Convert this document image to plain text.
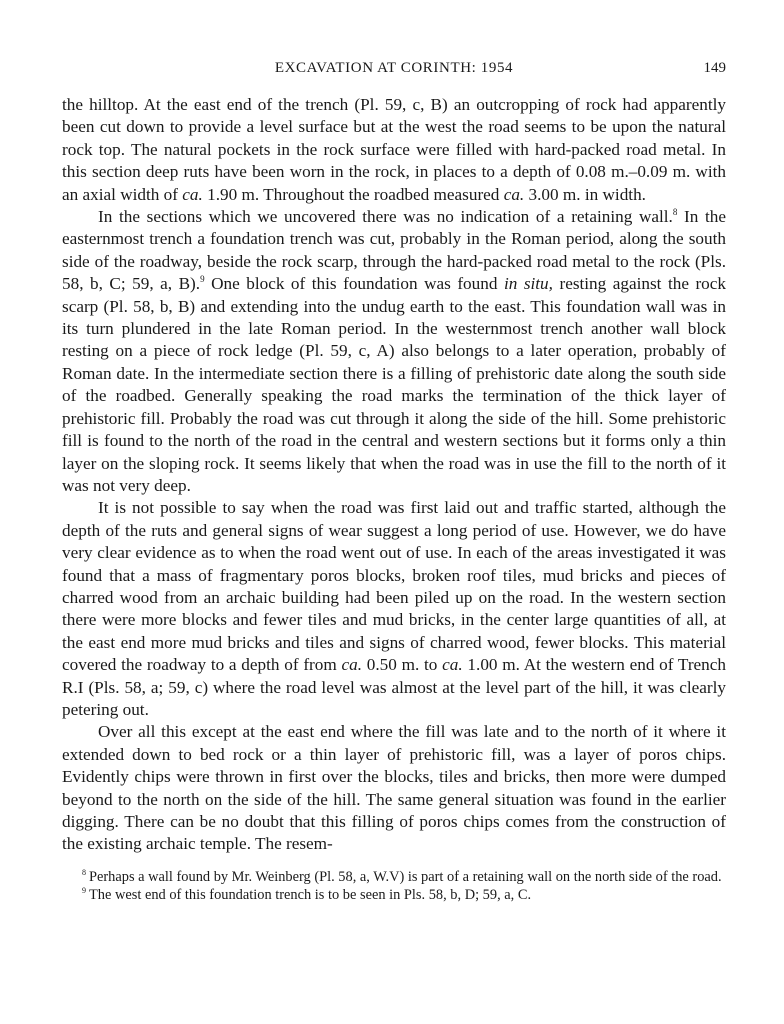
EXCAVATION AT CORINTH: 1954	149

the hilltop. At the east end of the trench (Pl. 59, c, B) an outcropping of rock had apparently been cut down to provide a level surface but at the west the road seems to be upon the natural rock top. The natural pockets in the rock surface were filled with hard-packed road metal. In this section deep ruts have been worn in the rock, in places to a depth of 0.08 m.–0.09 m. with an axial width of ca. 1.90 m. Throughout the roadbed measured ca. 3.00 m. in width.

In the sections which we uncovered there was no indication of a retaining wall.$^8$ In the easternmost trench a foundation trench was cut, probably in the Roman period, along the south side of the roadway, beside the rock scarp, through the hard-packed road metal to the rock (Pls. 58, b, C; 59, a, B).$^9$ One block of this foundation was found in situ, resting against the rock scarp (Pl. 58, b, B) and extending into the undug earth to the east. This foundation wall was in its turn plundered in the late Roman period. In the westernmost trench another wall block resting on a piece of rock ledge (Pl. 59, c, A) also belongs to a later operation, probably of Roman date. In the intermediate section there is a filling of prehistoric date along the south side of the roadbed. Generally speaking the road marks the termination of the thick layer of prehistoric fill. Probably the road was cut through it along the side of the hill. Some prehistoric fill is found to the north of the road in the central and western sections but it forms only a thin layer on the sloping rock. It seems likely that when the road was in use the fill to the north of it was not very deep.

It is not possible to say when the road was first laid out and traffic started, although the depth of the ruts and general signs of wear suggest a long period of use. However, we do have very clear evidence as to when the road went out of use. In each of the areas investigated it was found that a mass of fragmentary poros blocks, broken roof tiles, mud bricks and pieces of charred wood from an archaic building had been piled up on the road. In the western section there were more blocks and fewer tiles and mud bricks, in the center large quantities of all, at the east end more mud bricks and tiles and signs of charred wood, fewer blocks. This material covered the roadway to a depth of from ca. 0.50 m. to ca. 1.00 m. At the western end of Trench R.I (Pls. 58, a; 59, c) where the road level was almost at the level part of the hill, it was clearly petering out.

Over all this except at the east end where the fill was late and to the north of it where it extended down to bed rock or a thin layer of prehistoric fill, was a layer of poros chips. Evidently chips were thrown in first over the blocks, tiles and bricks, then more were dumped beyond to the north on the side of the hill. The same general situation was found in the earlier digging. There can be no doubt that this filling of poros chips comes from the construction of the existing archaic temple. The resem-

$^8$ Perhaps a wall found by Mr. Weinberg (Pl. 58, a, W.V) is part of a retaining wall on the north side of the road.

$^9$ The west end of this foundation trench is to be seen in Pls. 58, b, D; 59, a, C.
